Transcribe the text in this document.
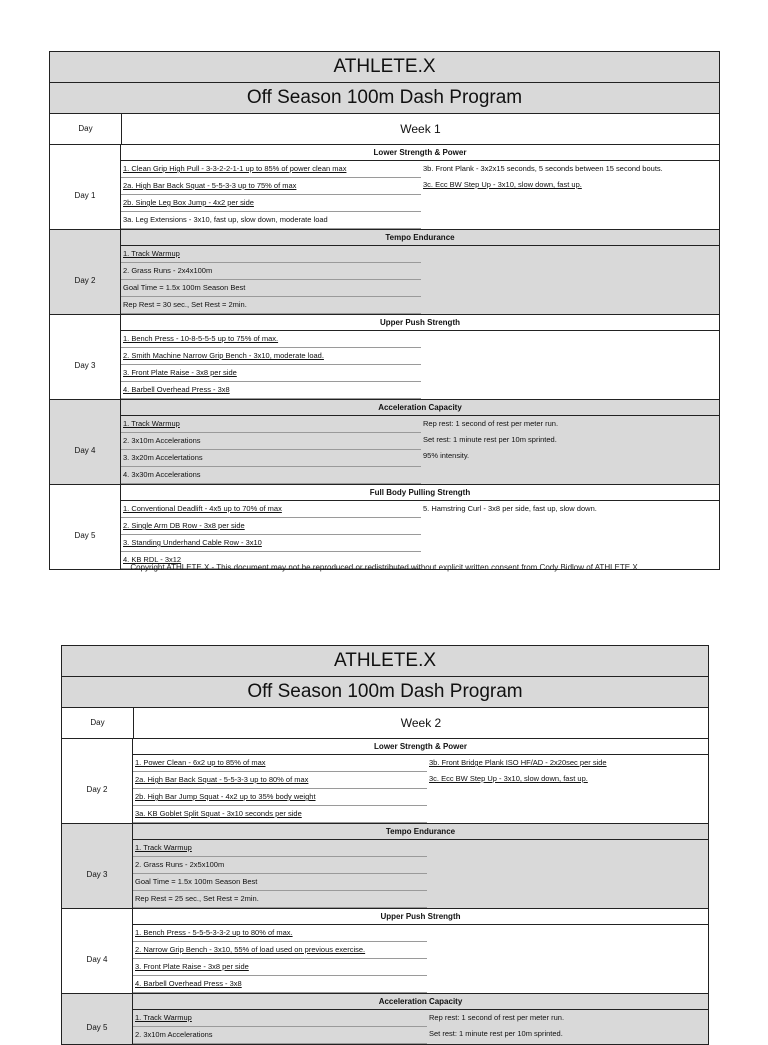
ATHLETE.X
Off Season 100m Dash Program
Day	Week 1
Day 1
Lower Strength & Power
1. Clean Grip High Pull - 3-3-2-2-1-1 up to 85% of power clean max
2a. High Bar Back Squat - 5-5-3-3 up to 75% of max
2b. Single Leg Box Jump - 4x2 per side
3a. Leg Extensions - 3x10, fast up, slow down, moderate load
3b. Front Plank - 3x2x15 seconds, 5 seconds between 15 second bouts.
3c. Ecc BW Step Up - 3x10, slow down, fast up.
Day 2
Tempo Endurance
1. Track Warmup
2. Grass Runs - 2x4x100m
Goal Time = 1.5x 100m Season Best
Rep Rest = 30 sec., Set Rest = 2min.
Day 3
Upper Push Strength
1. Bench Press - 10-8-5-5-5 up to 75% of max.
2. Smith Machine Narrow Grip Bench - 3x10, moderate load.
3. Front Plate Raise - 3x8 per side
4. Barbell Overhead Press - 3x8
Day 4
Acceleration Capacity
1. Track Warmup
2. 3x10m Accelerations
3. 3x20m Accelertations
4. 3x30m Accelerations
Rep rest: 1 second of rest per meter run.
Set rest: 1 minute rest per 10m sprinted.
95% intensity.
Day 5
Full Body Pulling Strength
1. Conventional Deadlift - 4x5 up to 70% of max
2. Single Arm DB Row - 3x8 per side
3. Standing Underhand Cable Row - 3x10
4. KB RDL - 3x12
5. Hamstring Curl - 3x8 per side, fast up, slow down.
Copyright ATHLETE.X - This document may not be reproduced or redistributed without explicit written consent from Cody Bidlow of ATHLETE.X
ATHLETE.X
Off Season 100m Dash Program
Day	Week 2
Day 2
Lower Strength & Power
1. Power Clean - 6x2 up to 85% of max
2a. High Bar Back Squat - 5-5-3-3 up to 80% of max
2b. High Bar Jump Squat - 4x2 up to 35% body weight
3a. KB Goblet Split Squat - 3x10 seconds per side
3b. Front Bridge Plank ISO HF/AD - 2x20sec per side
3c. Ecc BW Step Up - 3x10, slow down, fast up.
Day 3
Tempo Endurance
1. Track Warmup
2. Grass Runs - 2x5x100m
Goal Time = 1.5x 100m Season Best
Rep Rest = 25 sec., Set Rest = 2min.
Day 4
Upper Push Strength
1. Bench Press - 5-5-5-3-3-2 up to 80% of max.
2. Narrow Grip Bench - 3x10, 55% of load used on previous exercise.
3. Front Plate Raise - 3x8 per side
4. Barbell Overhead Press - 3x8
Day 5
Acceleration Capacity
1. Track Warmup
2. 3x10m Accelerations
Rep rest: 1 second of rest per meter run.
Set rest: 1 minute rest per 10m sprinted.
